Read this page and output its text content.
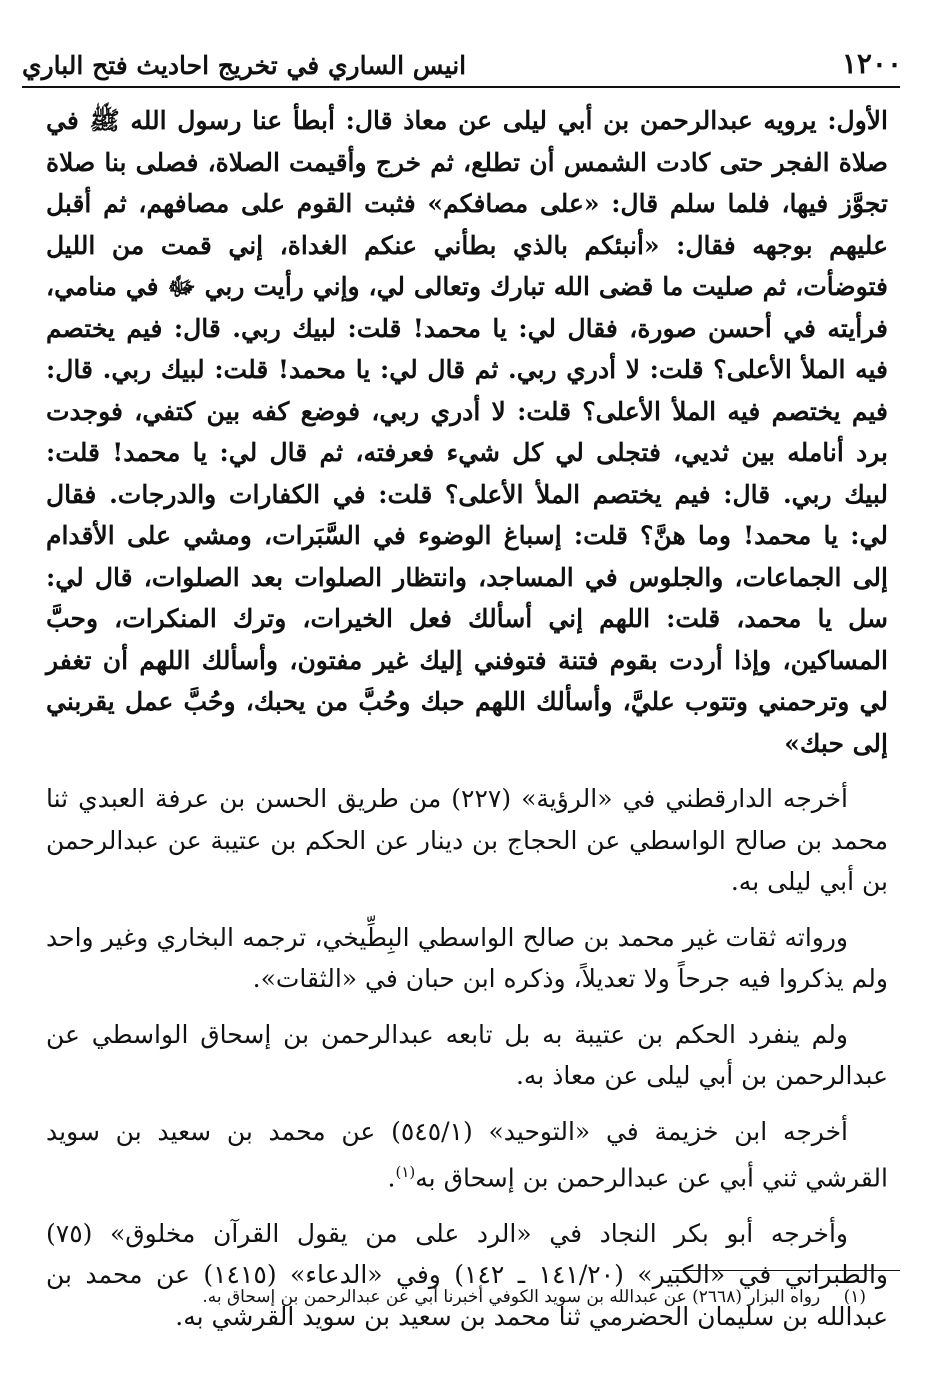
١٢٠٠
انيس الساري في تخريج احاديث فتح الباري

الأول: يرويه عبدالرحمن بن أبي ليلى عن معاذ قال: أبطأ عنا رسول الله ﷺ في صلاة الفجر حتى كادت الشمس أن تطلع، ثم خرج وأقيمت الصلاة، فصلى بنا صلاة تجوَّز فيها، فلما سلم قال: «على مصافكم» فثبت القوم على مصافهم، ثم أقبل عليهم بوجهه فقال: «أنبئكم بالذي بطأني عنكم الغداة، إني قمت من الليل فتوضأت، ثم صليت ما قضى الله تبارك وتعالى لي، وإني رأيت ربي ﷻ في منامي، فرأيته في أحسن صورة، فقال لي: يا محمد! قلت: لبيك ربي. قال: فيم يختصم فيه الملأ الأعلى؟ قلت: لا أدري ربي. ثم قال لي: يا محمد! قلت: لبيك ربي. قال: فيم يختصم فيه الملأ الأعلى؟ قلت: لا أدري ربي، فوضع كفه بين كتفي، فوجدت برد أنامله بين ثديي، فتجلى لي كل شيء فعرفته، ثم قال لي: يا محمد! قلت: لبيك ربي. قال: فيم يختصم الملأ الأعلى؟ قلت: في الكفارات والدرجات. فقال لي: يا محمد! وما هنَّ؟ قلت: إسباغ الوضوء في السَّبَرات، ومشي على الأقدام إلى الجماعات، والجلوس في المساجد، وانتظار الصلوات بعد الصلوات، قال لي: سل يا محمد، قلت: اللهم إني أسألك فعل الخيرات، وترك المنكرات، وحبَّ المساكين، وإذا أردت بقوم فتنة فتوفني إليك غير مفتون، وأسألك اللهم أن تغفر لي وترحمني وتتوب عليَّ، وأسألك اللهم حبك وحُبَّ من يحبك، وحُبَّ عمل يقربني إلى حبك»

أخرجه الدارقطني في «الرؤية» (٢٢٧) من طريق الحسن بن عرفة العبدي ثنا محمد بن صالح الواسطي عن الحجاج بن دينار عن الحكم بن عتيبة عن عبدالرحمن بن أبي ليلى به.

ورواته ثقات غير محمد بن صالح الواسطي البِطِّيخي، ترجمه البخاري وغير واحد ولم يذكروا فيه جرحاً ولا تعديلاً، وذكره ابن حبان في «الثقات».

ولم ينفرد الحكم بن عتيبة به بل تابعه عبدالرحمن بن إسحاق الواسطي عن عبدالرحمن بن أبي ليلى عن معاذ به.

أخرجه ابن خزيمة في «التوحيد» (٥٤٥/١) عن محمد بن سعيد بن سويد القرشي ثني أبي عن عبدالرحمن بن إسحاق به$^{(١)}$.

وأخرجه أبو بكر النجاد في «الرد على من يقول القرآن مخلوق» (٧٥) والطبراني في «الكبير» (١٤١/٢٠ ـ ١٤٢) وفي «الدعاء» (١٤١٥) عن محمد بن عبدالله بن سليمان الحضرمي ثنا محمد بن سعيد بن سويد القرشي به.

(١) رواه البزار (٢٦٦٨) عن عبدالله بن سويد الكوفي أخبرنا أبي عن عبدالرحمن بن إسحاق به.
